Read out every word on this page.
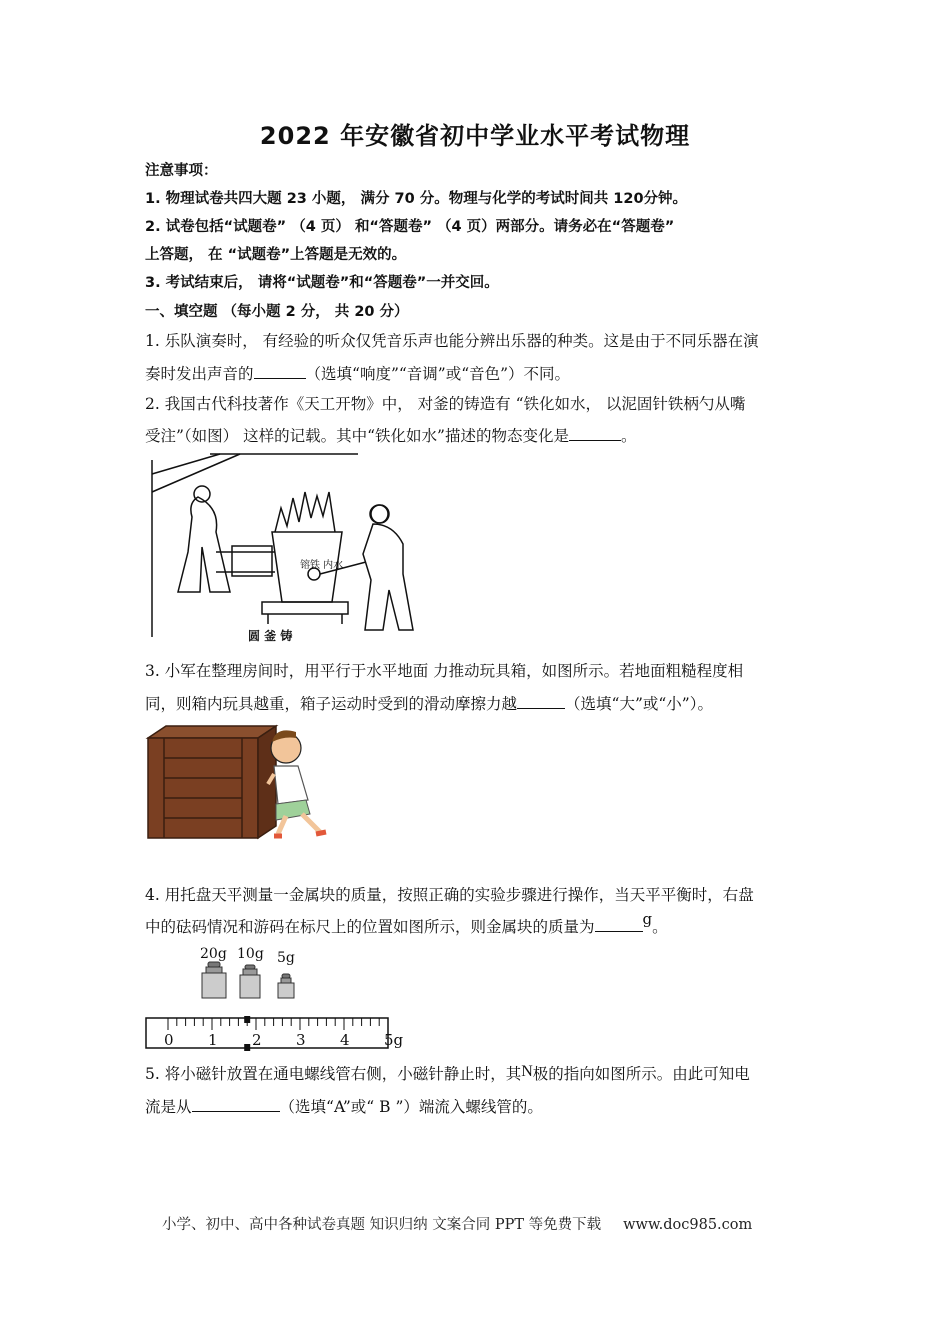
2022 年安徽省初中学业水平考试物理
注意事项：
1. 物理试卷共四大题 23 小题， 满分 70 分。物理与化学的考试时间共 120分钟。
2. 试卷包括“试题卷” （4 页） 和“答题卷” （4 页）两部分。请务必在“答题卷”
上答题， 在 “试题卷”上答题是无效的。
3. 考试结束后， 请将“试题卷”和“答题卷”一并交回。
一、填空题 （每小题 2 分， 共 20 分）
1. 乐队演奏时， 有经验的听众仅凭音乐声也能分辨出乐器的种类。这是由于不同乐器在演
奏时发出声音的	（选填“响度”“音调”或“音色”）不同。
2. 我国古代科技著作《天工开物》中， 对釜的铸造有 “铁化如水， 以泥固针铁柄勺从嘴
受注”（如图） 这样的记载。其中“铁化如水”描述的物态变化是	。
镕铁 内水
圆 釜 铸
3. 小军在整理房间时，用平行于水平地面 力推动玩具箱，如图所示。若地面粗糙程度相
同，则箱内玩具越重，箱子运动时受到的滑动摩擦力越	（选填“大”或“小”）。
4. 用托盘天平测量一金属块的质量，按照正确的实验步骤进行操作，当天平平衡时，右盘
中的砝码情况和游码在标尺上的位置如图所示，则金属块的质量为	g。
20g 10g 5g
0 1 2 3 4 5g
5. 将小磁针放置在通电螺线管右侧，小磁针静止时，其N极的指向如图所示。由此可知电
流是从	（选填“A”或“ B ”）端流入螺线管的。
小学、初中、高中各种试卷真题 知识归纳 文案合同 PPT 等免费下载 www.doc985.com
